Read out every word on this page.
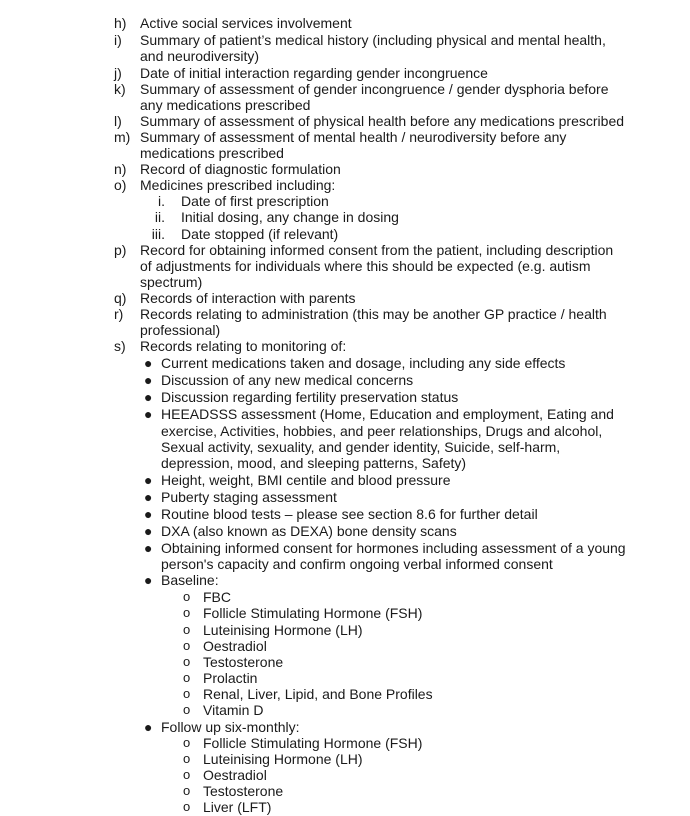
h) Active social services involvement
i) Summary of patient’s medical history (including physical and mental health,
and neurodiversity)
j) Date of initial interaction regarding gender incongruence
k) Summary of assessment of gender incongruence / gender dysphoria before
any medications prescribed
l) Summary of assessment of physical health before any medications prescribed
m) Summary of assessment of mental health / neurodiversity before any
medications prescribed
n) Record of diagnostic formulation
o) Medicines prescribed including:
i. Date of first prescription
ii. Initial dosing, any change in dosing
iii. Date stopped (if relevant)
p) Record for obtaining informed consent from the patient, including description
of adjustments for individuals where this should be expected (e.g. autism
spectrum)
q) Records of interaction with parents
r) Records relating to administration (this may be another GP practice / health
professional)
s) Records relating to monitoring of:
● Current medications taken and dosage, including any side effects
● Discussion of any new medical concerns
● Discussion regarding fertility preservation status
● HEEADSSS assessment (Home, Education and employment, Eating and
exercise, Activities, hobbies, and peer relationships, Drugs and alcohol,
Sexual activity, sexuality, and gender identity, Suicide, self-harm,
depression, mood, and sleeping patterns, Safety)
● Height, weight, BMI centile and blood pressure
● Puberty staging assessment
● Routine blood tests – please see section 8.6 for further detail
● DXA (also known as DEXA) bone density scans
● Obtaining informed consent for hormones including assessment of a young
person's capacity and confirm ongoing verbal informed consent
● Baseline:
o FBC
o Follicle Stimulating Hormone (FSH)
o Luteinising Hormone (LH)
o Oestradiol
o Testosterone
o Prolactin
o Renal, Liver, Lipid, and Bone Profiles
o Vitamin D
● Follow up six-monthly:
o Follicle Stimulating Hormone (FSH)
o Luteinising Hormone (LH)
o Oestradiol
o Testosterone
o Liver (LFT)
